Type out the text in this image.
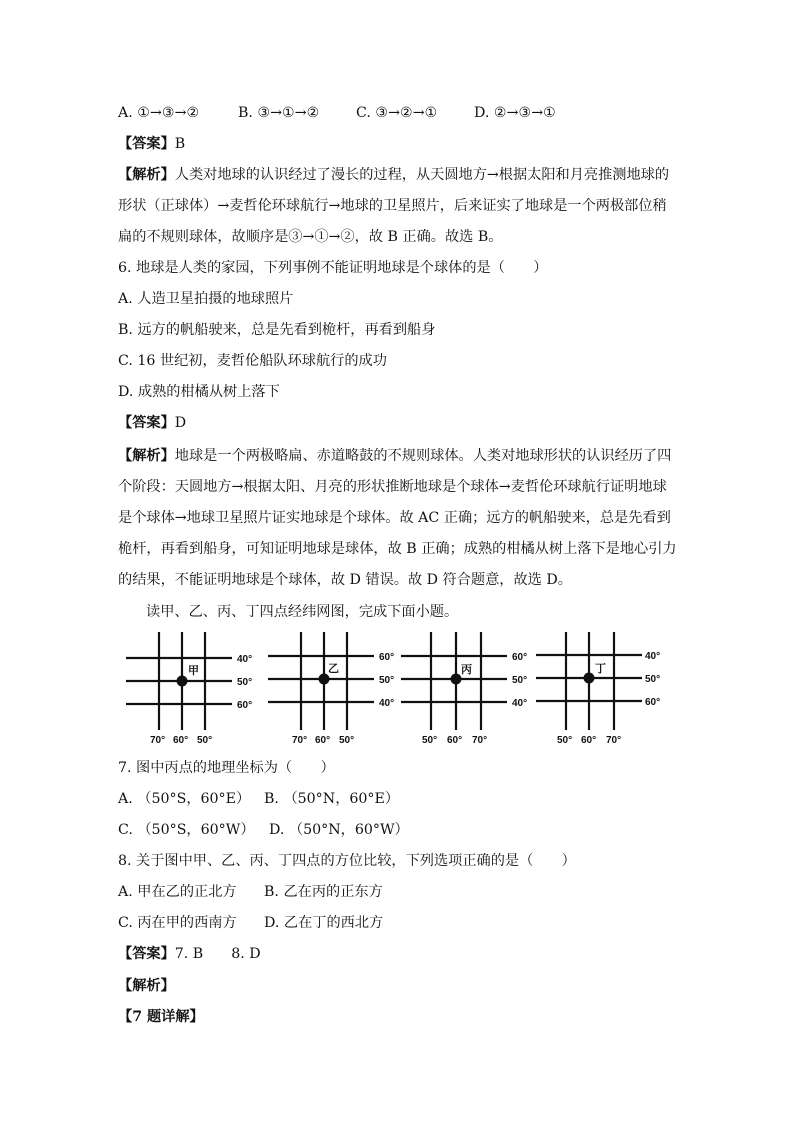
A. ①→③→②	B. ③→①→②	C. ③→②→①	D. ②→③→①
【答案】B
【解析】人类对地球的认识经过了漫长的过程，从天圆地方→根据太阳和月亮推测地球的
形状（正球体）→麦哲伦环球航行→地球的卫星照片，后来证实了地球是一个两极部位稍
扁的不规则球体，故顺序是③→①→②，故 B 正确。故选 B。
6. 地球是人类的家园，下列事例不能证明地球是个球体的是（　　）
A. 人造卫星拍摄的地球照片
B. 远方的帆船驶来，总是先看到桅杆，再看到船身
C. 16 世纪初，麦哲伦船队环球航行的成功
D. 成熟的柑橘从树上落下
【答案】D
【解析】地球是一个两极略扁、赤道略鼓的不规则球体。人类对地球形状的认识经历了四
个阶段：天圆地方→根据太阳、月亮的形状推断地球是个球体→麦哲伦环球航行证明地球
是个球体→地球卫星照片证实地球是个球体。故 AC 正确；远方的帆船驶来，总是先看到
桅杆，再看到船身，可知证明地球是球体，故 B 正确；成熟的柑橘从树上落下是地心引力
的结果，不能证明地球是个球体，故 D 错误。故 D 符合题意，故选 D。
读甲、乙、丙、丁四点经纬网图，完成下面小题。
甲
40°
50°
60°
70° 60° 50°
乙
60°
50°
40°
70° 60° 50°
丙
60°
50°
40°
50° 60° 70°
丁
40°
50°
60°
50° 60° 70°
7. 图中丙点的地理坐标为（　　）
A. （50°S，60°E） B. （50°N，60°E）
C. （50°S，60°W） D. （50°N，60°W）
8. 关于图中甲、乙、丙、丁四点的方位比较，下列选项正确的是（　　）
A. 甲在乙的正北方 B. 乙在丙的正东方
C. 丙在甲的西南方 D. 乙在丁的西北方
【答案】7. B 8. D
【解析】
【7 题详解】
